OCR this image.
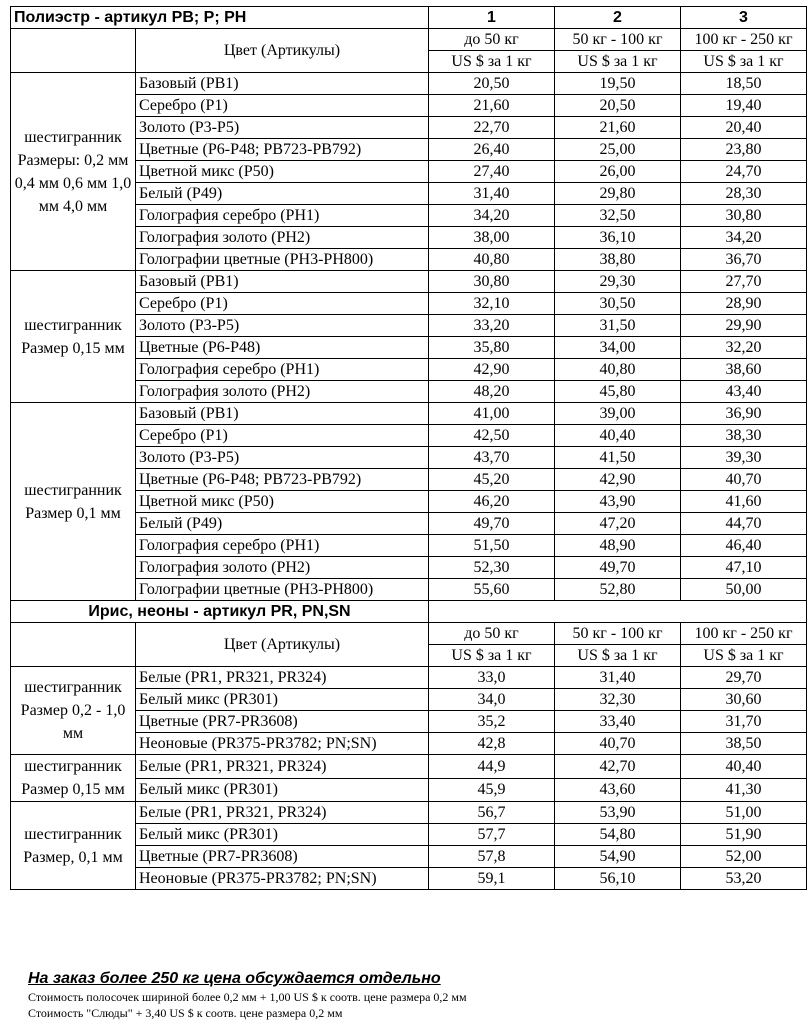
Полиэстр - артикул PB; P; PH		1	2	3
	Цвет (Артикулы)	до 50 кг	50 кг - 100 кг	100 кг - 250 кг
		US $ за 1 кг	US $ за 1 кг	US $ за 1 кг
шестигранник Размеры: 0,2 мм 0,4 мм 0,6 мм 1,0 мм 4,0 мм	Базовый (PB1)	20,50	19,50	18,50
	Серебро (P1)	21,60	20,50	19,40
	Золото (P3-P5)	22,70	21,60	20,40
	Цветные (P6-P48; PB723-PB792)	26,40	25,00	23,80
	Цветной микс (P50)	27,40	26,00	24,70
	Белый (P49)	31,40	29,80	28,30
	Голография серебро (PH1)	34,20	32,50	30,80
	Голография золото (PH2)	38,00	36,10	34,20
	Голографии цветные (PH3-PH800)	40,80	38,80	36,70
шестигранник Размер 0,15 мм	Базовый (PB1)	30,80	29,30	27,70
	Серебро (P1)	32,10	30,50	28,90
	Золото (P3-P5)	33,20	31,50	29,90
	Цветные (P6-P48)	35,80	34,00	32,20
	Голография серебро (PH1)	42,90	40,80	38,60
	Голография золото (PH2)	48,20	45,80	43,40
шестигранник Размер 0,1 мм	Базовый (PB1)	41,00	39,00	36,90
	Серебро (P1)	42,50	40,40	38,30
	Золото (P3-P5)	43,70	41,50	39,30
	Цветные (P6-P48; PB723-PB792)	45,20	42,90	40,70
	Цветной микс (P50)	46,20	43,90	41,60
	Белый (P49)	49,70	47,20	44,70
	Голография серебро (PH1)	51,50	48,90	46,40
	Голография золото (PH2)	52,30	49,70	47,10
	Голографии цветные (PH3-PH800)	55,60	52,80	50,00
Ирис, неоны - артикул PR, PN,SN				
	Цвет (Артикулы)	до 50 кг	50 кг - 100 кг	100 кг - 250 кг
		US $ за 1 кг	US $ за 1 кг	US $ за 1 кг
шестигранник Размер 0,2 - 1,0 мм	Белые (PR1, PR321, PR324)	33,0	31,40	29,70
	Белый микс (PR301)	34,0	32,30	30,60
	Цветные (PR7-PR3608)	35,2	33,40	31,70
	Неоновые (PR375-PR3782; PN;SN)	42,8	40,70	38,50
шестигранник Размер 0,15 мм	Белые (PR1, PR321, PR324)	44,9	42,70	40,40
	Белый микс (PR301)	45,9	43,60	41,30
шестигранник Размер, 0,1 мм	Белые (PR1, PR321, PR324)	56,7	53,90	51,00
	Белый микс (PR301)	57,7	54,80	51,90
	Цветные (PR7-PR3608)	57,8	54,90	52,00
	Неоновые (PR375-PR3782; PN;SN)	59,1	56,10	53,20
На заказ более 250 кг цена обсуждается отдельно
Стоимость полосочек шириной более 0,2 мм + 1,00 US $ к соотв. цене размера 0,2 мм
Стоимость "Слюды" + 3,40 US $ к соотв. цене размера 0,2 мм
